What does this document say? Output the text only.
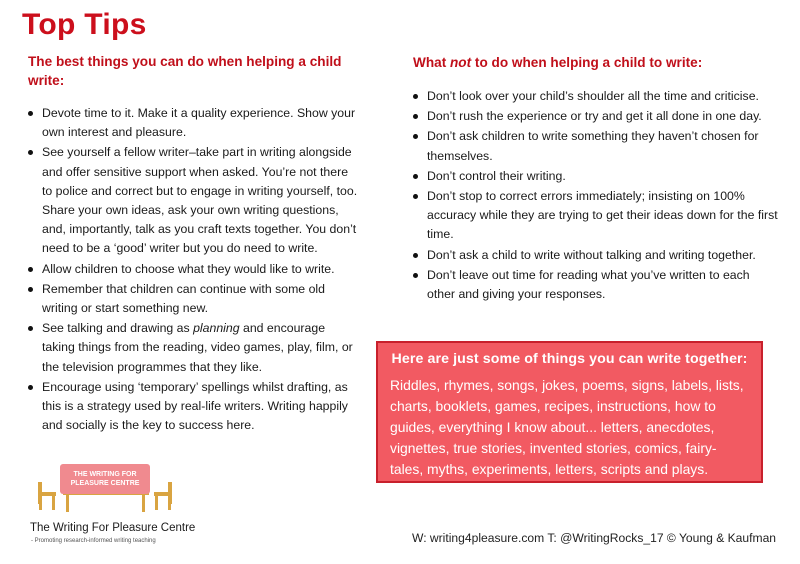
Top Tips

The best things you can do when helping a child write:

Devote time to it. Make it a quality experience. Show your own interest and pleasure.
See yourself a fellow writer–take part in writing alongside and offer sensitive support when asked. You’re not there to police and correct but to engage in writing yourself, too. Share your own ideas, ask your own writing questions, and, importantly, talk as you craft texts together. You don’t need to be a ‘good’ writer but you do need to write.
Allow children to choose what they would like to write.
Remember that children can continue with some old writing or start something new.
See talking and drawing as planning and encourage taking things from the reading, video games, play, film, or the television programmes that they like.
Encourage using ‘temporary’ spellings whilst drafting, as this is a strategy used by real-life writers. Writing happily and socially is the key to success here.

What not to do when helping a child to write:

Don’t look over your child’s shoulder all the time and criticise.
Don’t rush the experience or try and get it all done in one day.
Don’t ask children to write something they haven’t chosen for themselves.
Don’t control their writing.
Don’t stop to correct errors immediately; insisting on 100% accuracy while they are trying to get their ideas down for the first time.
Don’t ask a child to write without talking and writing together.
Don’t leave out time for reading what you’ve written to each other and giving your responses.

Here are just some of things you can write together:

Riddles, rhymes, songs, jokes, poems, signs, labels, lists, charts, booklets, games, recipes, instructions, how to guides, everything I know about... letters, anecdotes, vignettes, true stories, invented stories, comics, fairy-tales, myths, experiments, letters, scripts and plays.

THE WRITING FOR PLEASURE CENTRE
The Writing For Pleasure Centre
- Promoting research-informed writing teaching	W: writing4pleasure.com T: @WritingRocks_17 © Young & Kaufman
